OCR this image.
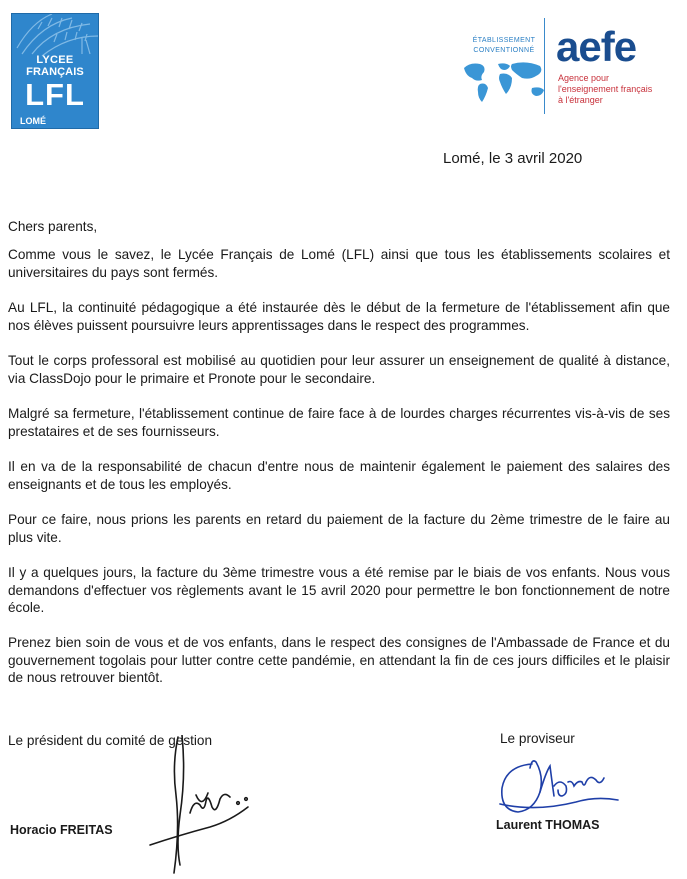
LYCEE
FRANÇAIS
LFL
LOMÉ
ÉTABLISSEMENT CONVENTIONNÉ aefe
Agence pour
l'enseignement français
à l'étranger
Lomé, le 3 avril 2020
Chers parents,

Comme vous le savez, le Lycée Français de Lomé (LFL) ainsi que tous les établissements scolaires et universitaires du pays sont fermés.

Au LFL, la continuité pédagogique a été instaurée dès le début de la fermeture de l'établissement afin que nos élèves puissent poursuivre leurs apprentissages dans le respect des programmes.

Tout le corps professoral est mobilisé au quotidien pour leur assurer un enseignement de qualité à distance, via ClassDojo pour le primaire et Pronote pour le secondaire.

Malgré sa fermeture, l'établissement continue de faire face à de lourdes charges récurrentes vis-à-vis de ses prestataires et de ses fournisseurs.

Il en va de la responsabilité de chacun d'entre nous de maintenir également le paiement des salaires des enseignants et de tous les employés.

Pour ce faire, nous prions les parents en retard du paiement de la facture du 2ème trimestre de le faire au plus vite.

Il y a quelques jours, la facture du 3ème trimestre vous a été remise par le biais de vos enfants. Nous vous demandons d'effectuer vos règlements avant le 15 avril 2020 pour permettre le bon fonctionnement de notre école.

Prenez bien soin de vous et de vos enfants, dans le respect des consignes de l'Ambassade de France et du gouvernement togolais pour lutter contre cette pandémie, en attendant la fin de ces jours difficiles et le plaisir de nous retrouver bientôt.

Le président du comité de gestion	Le proviseur
Horacio FREITAS	Laurent THOMAS
